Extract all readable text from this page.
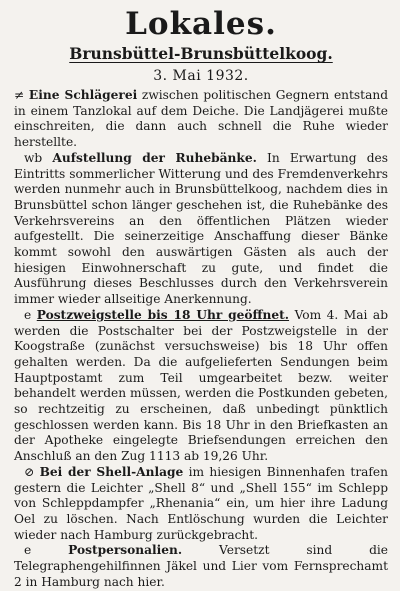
Lokales.
Brunsbüttel-Brunsbüttelkoog.
3. Mai 1932.

≠ Eine Schlägerei zwischen politischen Gegnern entstand in einem Tanzlokal auf dem Deiche. Die Landjägerei mußte einschreiten, die dann auch schnell die Ruhe wieder herstellte.

wb Aufstellung der Ruhebänke. In Erwartung des Eintritts sommerlicher Witterung und des Fremdenverkehrs werden nunmehr auch in Brunsbüttelkoog, nachdem dies in Brunsbüttel schon länger geschehen ist, die Ruhebänke des Verkehrsvereins an den öffentlichen Plätzen wieder aufgestellt. Die seinerzeitige Anschaffung dieser Bänke kommt sowohl den auswärtigen Gästen als auch der hiesigen Einwohnerschaft zu gute, und findet die Ausführung dieses Beschlusses durch den Verkehrsverein immer wieder allseitige Anerkennung.

e Postzweigstelle bis 18 Uhr geöffnet. Vom 4. Mai ab werden die Postschalter bei der Postzweigstelle in der Koogstraße (zunächst versuchsweise) bis 18 Uhr offen gehalten werden. Da die aufgelieferten Sendungen beim Hauptpostamt zum Teil umgearbeitet bezw. weiter behandelt werden müssen, werden die Postkunden gebeten, so rechtzeitig zu erscheinen, daß unbedingt pünktlich geschlossen werden kann. Bis 18 Uhr in den Briefkasten an der Apotheke eingelegte Briefsendungen erreichen den Anschluß an den Zug 1113 ab 19,26 Uhr.

⊘ Bei der Shell-Anlage im hiesigen Binnenhafen trafen gestern die Leichter „Shell 8“ und „Shell 155“ im Schlepp von Schleppdampfer „Rhenania“ ein, um hier ihre Ladung Oel zu löschen. Nach Entlöschung wurden die Leichter wieder nach Hamburg zurückgebracht.

e	Postpersonalien. Versetzt sind die Telegraphengehilfinnen Jäkel und Lier vom Fernsprechamt 2 in Hamburg nach hier.
